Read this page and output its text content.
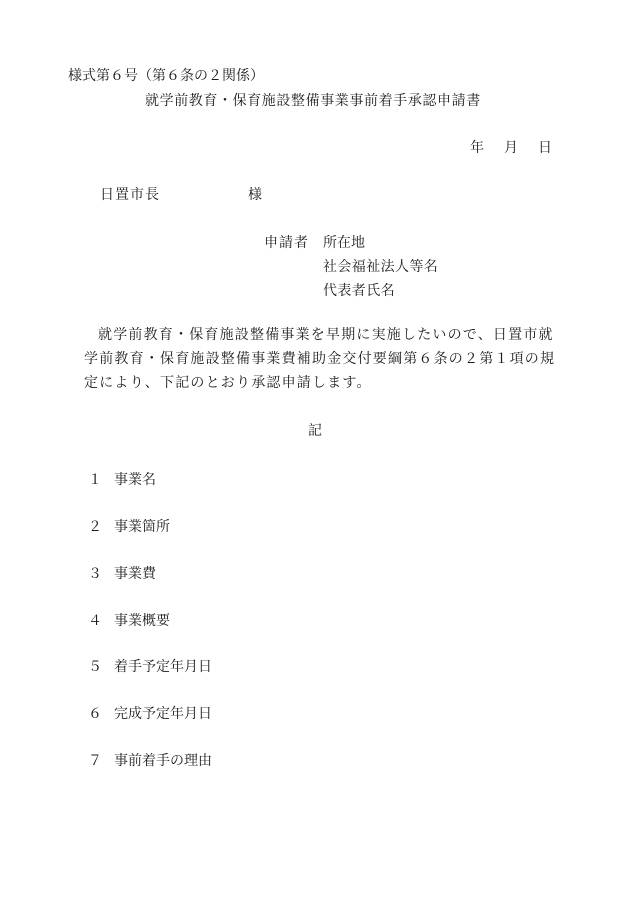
様式第６号（第６条の２関係）
就学前教育・保育施設整備事業事前着手承認申請書
年 月 日
日置市長	様
申請者 所在地
社会福祉法人等名
代表者氏名
就学前教育・保育施設整備事業を早期に実施したいので、日置市就学前教育・保育施設整備事業費補助金交付要綱第６条の２第１項の規定により、下記のとおり承認申請します。
記
１ 事業名
２ 事業箇所
３ 事業費
４ 事業概要
５ 着手予定年月日
６ 完成予定年月日
７ 事前着手の理由
